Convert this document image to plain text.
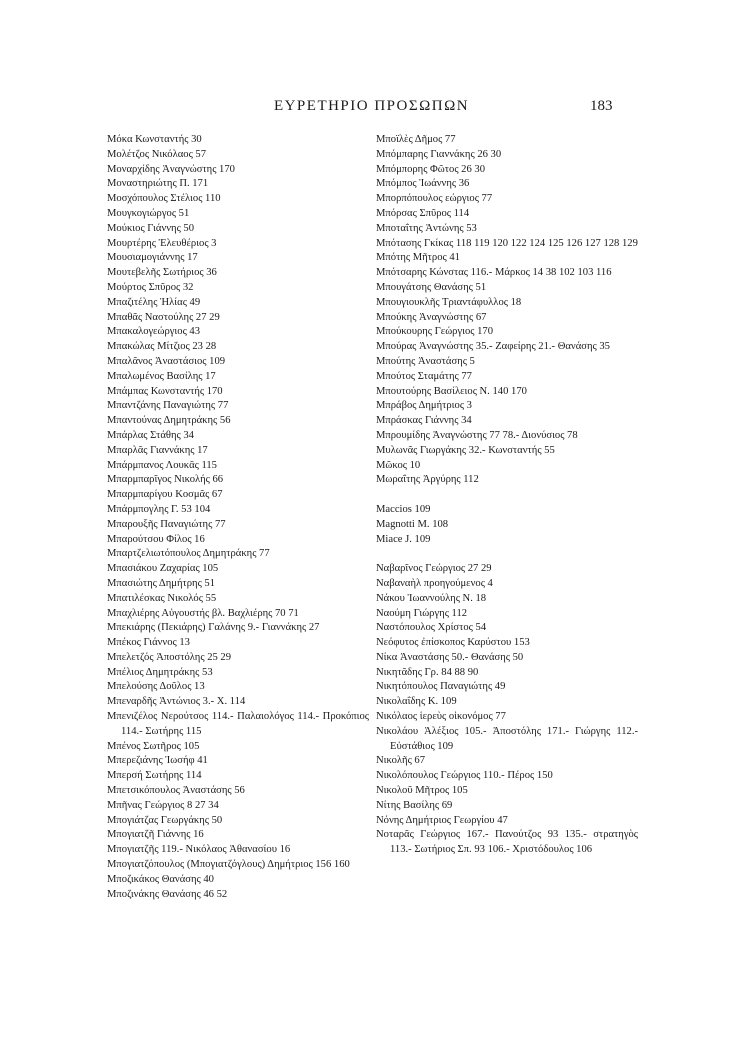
ΕΥΡΕΤΗΡΙΟ ΠΡΟΣΩΠΩΝ	183
Μόκα Κωνσταντής 30
Μολέτζος Νικόλαος 57
Μοναρχίδης Ἀναγνώστης 170
Μοναστηριώτης Π. 171
Μοσχόπουλος Στέλιος 110
Μουγκογιώργος 51
Μούκιος Γιάννης 50
Μουρτέρης Ἐλευθέριος 3
Μουσιαμογιάννης 17
Μουτεβελῆς Σωτήριος 36
Μούρτος Σπῦρος 32
Μπαζιτέλης Ἠλίας 49
Μπαθᾶς Ναστούλης 27 29
Μπακαλογεώργιος 43
Μπακώλας Μίτζιος 23 28
Μπαλᾶνος Ἀναστάσιος 109
Μπαλωμένος Βασίλης 17
Μπάμπας Κωνσταντής 170
Μπαντζάνης Παναγιώτης 77
Μπαντούνας Δημητράκης 56
Μπάρλας Στάθης 34
Μπαρλᾶς Γιαννάκης 17
Μπάρμπανος Λουκᾶς 115
Μπαρμπαρῖγος Νικολής 66
Μπαρμπαρίγου Κοσμᾶς 67
Μπάρμπογλης Γ. 53 104
Μπαρουξῆς Παναγιώτης 77
Μπαρούτσου Φίλος 16
Μπαρτζελιωτόπουλος Δημητράκης 77
Μπασιάκου Ζαχαρίας 105
Μπασιώτης Δημήτρης 51
Μπατιλέσκας Νικολός 55
Μπαχλιέρης Αὐγουστής βλ. Βαχλιέρης 70 71
Μπεκιάρης (Πεκιάρης) Γαλάνης 9.- Γιαννάκης 27
Μπέκος Γιάννος 13
Μπελετζός Ἀποστόλης 25 29
Μπέλιος Δημητράκης 53
Μπελούσης Δοῦλος 13
Μπεναρδῆς Ἀντώνιος 3.- Χ. 114
Μπενιζέλος Νερούτσος 114.- Παλαιολόγος 114.- Προκόπιος 114.- Σωτήρης 115
Μπένος Σωτῆρος 105
Μπερεζιάνης Ἰωσήφ 41
Μπερσή Σωτήρης 114
Μπετσικόπουλος Ἀναστάσης 56
Μπῆνας Γεώργιος 8 27 34
Μπογιάτζας Γεωργάκης 50
Μπογιατζῆ Γιάννης 16
Μπογιατζῆς 119.- Νικόλαος Ἀθανασίου 16
Μπογιατζόπουλος (Μπογιατζόγλους) Δημήτριος 156 160
Μποζικάκος Θανάσης 40
Μποζινάκης Θανάσης 46 52
Μποϊλὲς Δῆμος 77
Μπόμπαρης Γιαννάκης 26 30
Μπόμπορης Φῶτος 26 30
Μπόμπος Ἰωάννης 36
Μπορπόπουλος εώργιος 77
Μπόρσας Σπῦρος 114
Μποταΐτης Ἀντώνης 53
Μπότασης Γκίκας 118 119 120 122 124 125 126 127 128 129
Μπότης Μῆτρος 41
Μπότσαρης Κώνστας 116.- Μάρκος 14 38 102 103 116
Μπουγάτσης Θανάσης 51
Μπουγιουκλῆς Τριαντάφυλλος 18
Μπούκης Ἀναγνώστης 67
Μπούκουρης Γεώργιος 170
Μπούρας Ἀναγνώστης 35.- Ζαφείρης 21.- Θανάσης 35
Μπούτης Ἀναστάσης 5
Μπούτος Σταμάτης 77
Μπουτούρης Βασίλειος Ν. 140 170
Μπράβος Δημήτριος 3
Μπράσκας Γιάννης 34
Μπρουμίδης Ἀναγνώστης 77 78.- Διονύσιος 78
Μυλωνᾶς Γιωργάκης 32.- Κωνσταντής 55
Μῶκος 10
Μωραΐτης Ἀργύρης 112
Maccios 109
Magnotti M. 108
Miace J. 109
Ναβαρῖνος Γεώργιος 27 29
Ναβαναὴλ προηγούμενος 4
Νάκου Ἰωαννούλης Ν. 18
Ναούμη Γιώργης 112
Ναστόπουλος Χρίστος 54
Νεόφυτος ἐπίσκοπος Καρύστου 153
Νίκα Ἀναστάσης 50.- Θανάσης 50
Νικητᾶδης Γρ. 84 88 90
Νικητόπουλος Παναγιώτης 49
Νικολαΐδης Κ. 109
Νικόλαος ἱερεὺς οἰκονόμος 77
Νικολάου Ἀλέξιος 105.- Ἀποστόλης 171.- Γιώργης 112.- Εὐστάθιος 109
Νικολῆς 67
Νικολόπουλος Γεώργιος 110.- Πέρος 150
Νικολοῦ Μῆτρος 105
Νίτης Βασίλης 69
Νόνης Δημήτριος Γεωργίου 47
Νοταρᾶς Γεώργιος 167.- Πανούτζος 93 135.- στρατηγὸς 113.- Σωτήριος Σπ. 93 106.- Χριστόδουλος 106
